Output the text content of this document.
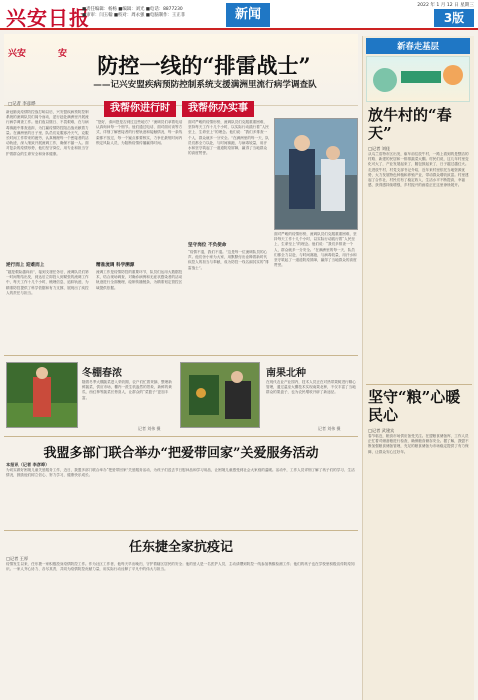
兴安日报
■责任编辑：杨杨 ■编辑：刘光 ■电话：8877230
■审审：闫玉翰 ■校对：周永强 ■电脑制作：王正菲	新闻
2022 年 1 月 12 日 星期三
3版
兴安	安	防控一线的“排雷战士”
——记兴安盟疾病预防控制系统支援满洲里流行病学调查队
□记者 李彦晔	我帮你进行时	我帮你办实事
新冠肺炎疫情防控战打响以后，兴安盟疾病预防控制系统的流调队员们闻令而动，逆行赶赴满洲里开展流行病学调查工作。他们夜以继日、不畏艰难，在与病毒赛跑中排查追踪，为打赢疫情防控阻击战贡献着力量。在满洲里的日子里，队员们克服寒冷天气，克服长时间工作带来的疲劳，认真梳理每一个密接者的活动轨迹，深入细致开展流调工作，确保不漏一人。面对复杂的疫情形势，他们坚守岗位，用专业和担当守护着群众的生命安全和身体健康。
逆行而上 迎难而上
“越是艰险越向前”，接到支援任务后，流调队员们第一时间集结出发，到达后立即投入到紧张的流调工作中，每天工作十几个小时，梳理信息、追踪轨迹，为精准防控提供了科学依据和有力支撑，展现出了疾控人的责任与担当。
“您好，请问您是否到过这些地方？”流调员们拿着电话认真询问每一个细节。他们通过电话、面对面访谈等方式，详细了解密接者的行程轨迹和接触情况，每一条线索都不放过，每一个疑点都要核实，力争在最短时间内锁定风险人员，为阻断疫情传播赢得时间。
精准流调 科学溯源
流调工作是疫情防控的重要环节，队员们运用大数据技术，结合现场调查，对确诊病例和无症状感染者的活动轨迹进行全面梳理，绘制传播链条，为精准划定管控区域提供依据。
面对严峻的疫情形势，流调队员们克服重重困难，坚持每天工作十几个小时，以实际行动践行着“人民至上、生命至上”的理念。他们说：“我们多排查一个人，群众就多一分安全。”在满洲里的每一天，队员们都全力以赴，与时间赛跑，与病毒较量，用汗水和坚守筑起了一道道防疫屏障，赢得了当地群众的高度赞誉。
坚守岗位 不负使命
“疫情不退，我们不退。”这是每一位流调队员的心声。他们舍小家为大家，用默默付出诠释着新时代疾控人的担当与奉献，成为防控一线名副其实的“排雷战士”。
面对严峻的疫情形势，流调队员们克服重重困难，坚持每天工作十几个小时，以实际行动践行着“人民至上、生命至上”的理念。他们说：“我们多排查一个人，群众就多一分安全。”在满洲里的每一天，队员们都全力以赴，与时间赛跑，与病毒较量，用汗水和坚守筑起了一道道防疫屏障，赢得了当地群众的高度赞誉。
冬棚春浓
随着冬季大棚蔬菜进入采收期，农户们忙着采摘、整理新鲜蔬菜，供应市场，棚内一派生机盎然的景象，新鲜的黄瓜、西红柿等蔬菜长势喜人，让群众的“菜篮子”更加丰富。
记者 刘伟 摄
南果北种
在现代农业产业园内，技术人员正在对热带果树进行精心管理，通过温室大棚技术实现南果北种，不仅丰富了当地群众的果盘子，也为农民增收开辟了新途径。
记者 刘伟 摄
我盟多部门联合举办“把爱带回家”关爱服务活动
本报讯（记者 李彦晔）
为切实做好困境儿童关爱服务工作，近日，我盟多部门联合举办“把爱带回家”关爱服务活动，为孩子们送去节日慰问品和学习用品，让困境儿童感受到社会大家庭的温暖。活动中，工作人员详细了解了孩子们的学习、生活情况，鼓励他们树立信心、努力学习，健康快乐成长。
任东捷全家抗疫记
□记者 王厚
疫情发生以来，任东捷一家积极投身疫情防控工作。作为社区工作者，他每天早出晚归，守护着辖区居民的安全；他的爱人是一名医护人员，主动请缨到防控一线参加核酸检测工作；他们的孩子也在学校里积极宣传防疫知识。一家人齐心协力、各尽其责，共同为疫情防控贡献力量，用实际行动诠释了平凡中的伟大与担当。
新春走基层
放牛村的“春天”
□记者 刘佳
从乌兰浩特市区出发，驱车前往放牛村，一路上看到的是整洁的村路、新建的民居和一排排蔬菜大棚。村民们说，这几年村里变化可大了，产业发展起来了，腰包鼓起来了，日子越过越红火。走进放牛村，村党支部书记介绍，近年来村里依托当地资源优势，大力发展特色种植和养殖产业，带动群众增收致富。村里建起了合作社，村民们有了稳定收入，生活水平不断提高，幸福感、获得感持续增强，乡村振兴的画卷正在这里徐徐展开。
坚守“粮”心暖民心
□记者 武建宾
春节临近，粮食市场供应备受关注。在盟粮食储备库，工作人员正忙着对储备粮进行检查，确保粮食储存安全。据了解，我盟不断加强粮食储备管理，充足的粮食储备为市场稳定提供了有力保障，让群众安心过好年。
